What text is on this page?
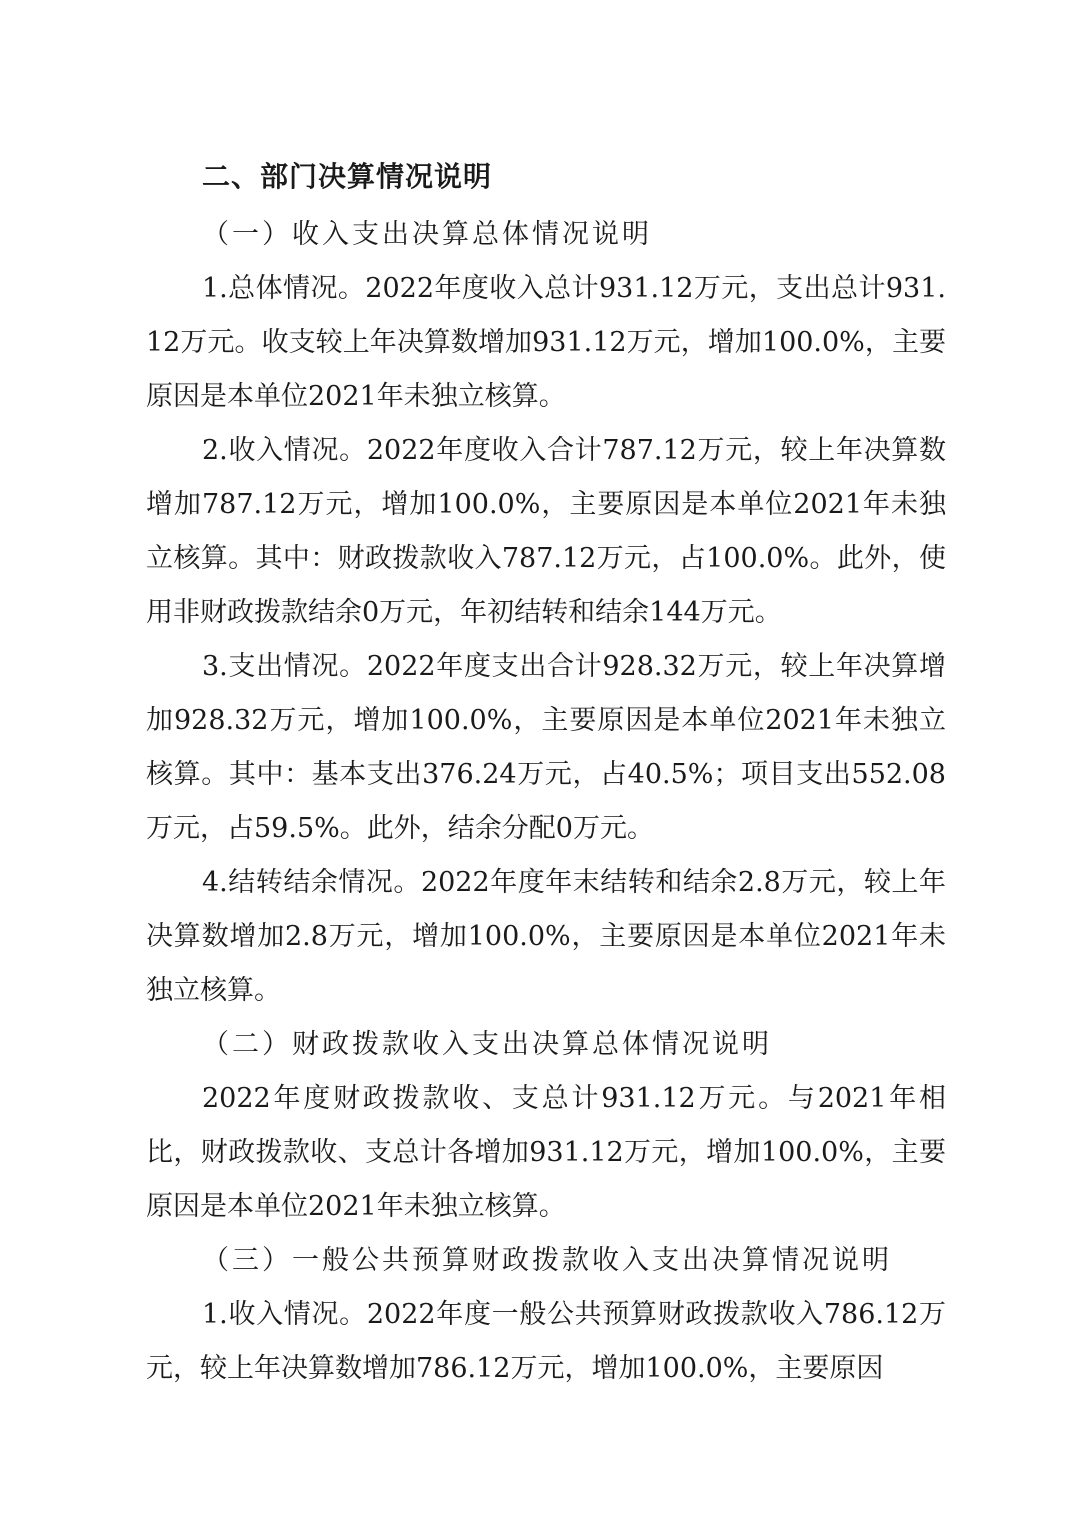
二、部门决算情况说明
（一）收入支出决算总体情况说明

1.总体情况。2022年度收入总计931.12万元，支出总计931.12万元。收支较上年决算数增加931.12万元，增加100.0%，主要原因是本单位2021年未独立核算。

2.收入情况。2022年度收入合计787.12万元，较上年决算数增加787.12万元，增加100.0%，主要原因是本单位2021年未独立核算。其中：财政拨款收入787.12万元，占100.0%。此外，使用非财政拨款结余0万元，年初结转和结余144万元。

3.支出情况。2022年度支出合计928.32万元，较上年决算增加928.32万元，增加100.0%，主要原因是本单位2021年未独立核算。其中：基本支出376.24万元，占40.5%；项目支出552.08万元，占59.5%。此外，结余分配0万元。

4.结转结余情况。2022年度年末结转和结余2.8万元，较上年决算数增加2.8万元，增加100.0%，主要原因是本单位2021年未独立核算。

（二）财政拨款收入支出决算总体情况说明

2022年度财政拨款收、支总计931.12万元。与2021年相比，财政拨款收、支总计各增加931.12万元，增加100.0%，主要原因是本单位2021年未独立核算。

（三）一般公共预算财政拨款收入支出决算情况说明

1.收入情况。2022年度一般公共预算财政拨款收入786.12万元，较上年决算数增加786.12万元，增加100.0%，主要原因
